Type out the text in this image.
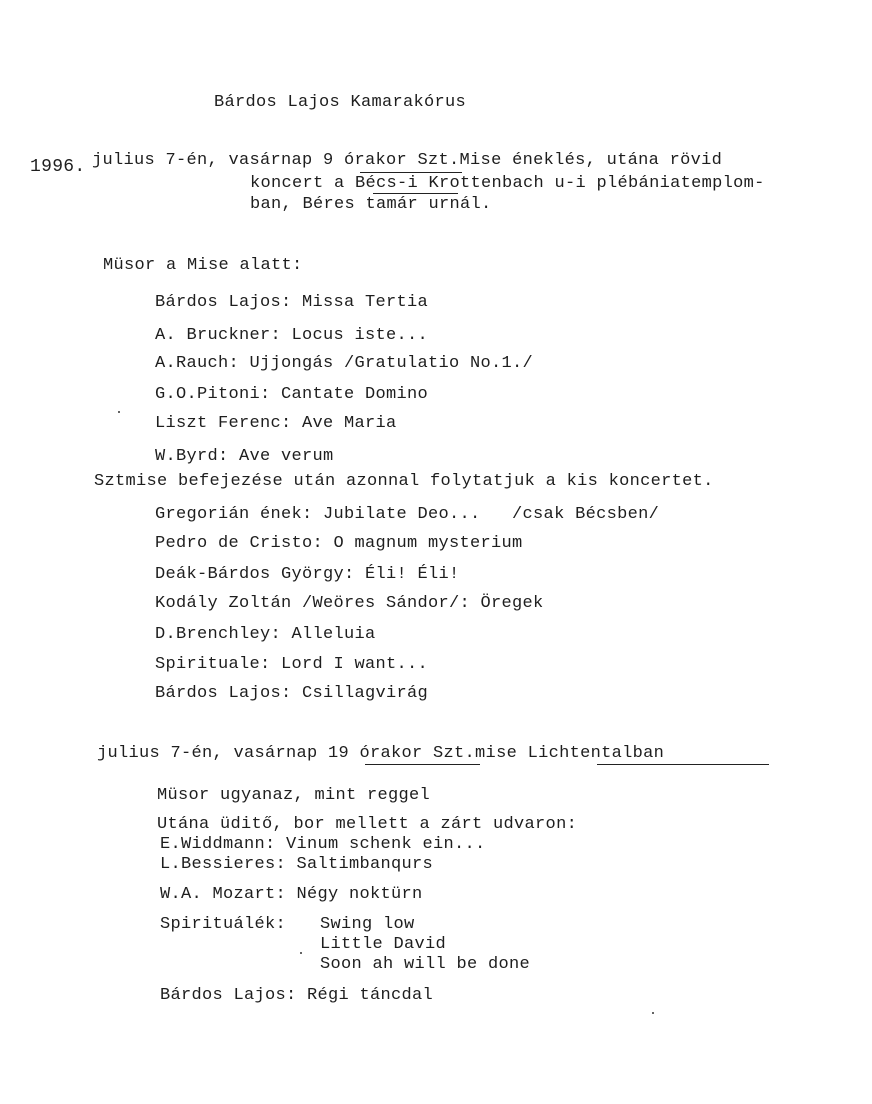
Bárdos Lajos Kamarakórus
1996. julius 7-én, vasárnap 9 órakor Szt.Mise éneklés, utána rövid
koncert a Bécs-i Krottenbach u-i plébániatemplom-
ban, Béres tamár urnál.
Müsor a Mise alatt:
Bárdos Lajos: Missa Tertia
A. Bruckner: Locus iste...
A.Rauch: Ujjongás /Gratulatio No.1./
G.O.Pitoni: Cantate Domino
Liszt Ferenc: Ave Maria
W.Byrd: Ave verum
Sztmise befejezése után azonnal folytatjuk a kis koncertet.
Gregorián ének: Jubilate Deo...   /csak Bécsben/
Pedro de Cristo: O magnum mysterium
Deák-Bárdos György: Éli! Éli!
Kodály Zoltán /Weöres Sándor/: Öregek
D.Brenchley: Alleluia
Spirituale: Lord I want...
Bárdos Lajos: Csillagvirág
julius 7-én, vasárnap 19 órakor Szt.mise Lichtentalban
Müsor ugyanaz, mint reggel
Utána üditő, bor mellett a zárt udvaron:
E.Widdmann: Vinum schenk ein...
L.Bessieres: Saltimbanqurs
W.A. Mozart: Négy noktürn
Spirituálék: Swing low
Little David
Soon ah will be done
Bárdos Lajos: Régi táncdal
